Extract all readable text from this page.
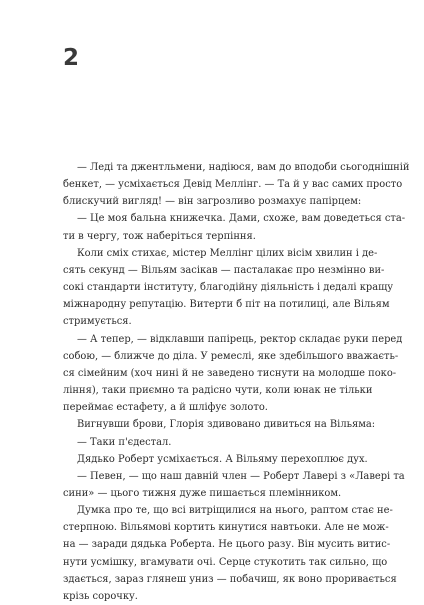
2

— Леді та джентльмени, надіюся, вам до вподоби сьогоднішній
бенкет, — усміхається Девід Меллінг. — Та й у вас самих просто
блискучий вигляд! — він загрозливо розмахує папірцем:

— Це моя бальна книжечка. Дами, схоже, вам доведеться ста-
ти в чергу, тож наберіться терпіння.

Коли сміх стихає, містер Меллінг цілих вісім хвилин і де-
сять секунд — Вільям засікав — пасталакає про незмінно ви-
сокі стандарти інституту, благодійну діяльність і дедалі кращу
міжнародну репутацію. Витерти б піт на потилиці, але Вільям
стримується.

— А тепер, — відклавши папірець, ректор складає руки перед
собою, — ближче до діла. У ремеслі, яке здебільшого вважаєть-
ся сімейним (хоч нині й не заведено тиснути на молодше поко-
ління), таки приємно та радісно чути, коли юнак не тільки
переймає естафету, а й шліфує золото.

Вигнувши брови, Глорія здивовано дивиться на Вільяма:

— Таки п'єдестал.

Дядько Роберт усміхається. А Вільяму перехоплює дух.

— Певен, — що наш давній член — Роберт Лавері з «Лавері та
сини» — цього тижня дуже пишається племінником.

Думка про те, що всі витріщилися на нього, раптом стає не-
стерпною. Вільямові кортить кинутися навтьоки. Але не мож-
на — заради дядька Роберта. Не цього разу. Він мусить витис-
нути усмішку, вгамувати очі. Серце стукотить так сильно, що
здається, зараз глянеш униз — побачиш, як воно проривається
крізь сорочку.
